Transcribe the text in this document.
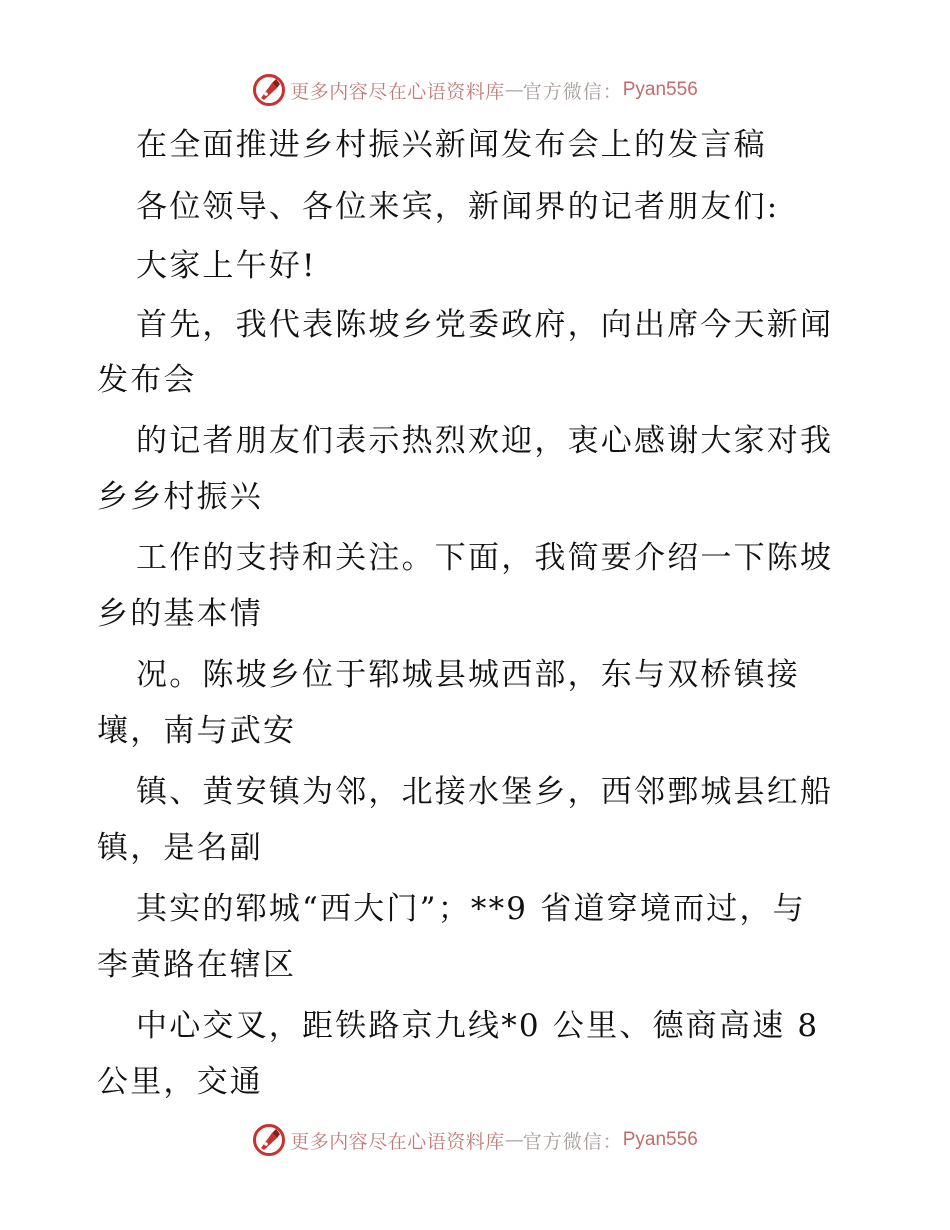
更多内容尽在心语资料库 — 官方微信： Pyan556
在全面推进乡村振兴新闻发布会上的发言稿
各位领导、各位来宾，新闻界的记者朋友们:
大家上午好!
首先，我代表陈坡乡党委政府，向出席今天新闻
发布会
的记者朋友们表示热烈欢迎，衷心感谢大家对我
乡乡村振兴
工作的支持和关注。下面，我简要介绍一下陈坡
乡的基本情
况。陈坡乡位于郓城县城西部，东与双桥镇接
壤，南与武安
镇、黄安镇为邻，北接水堡乡，西邻鄄城县红船
镇，是名副
其实的郓城“西大门”；**9 省道穿境而过，与
李黄路在辖区
中心交叉，距铁路京九线*0 公里、德商高速 8
公里，交通
更多内容尽在心语资料库 — 官方微信： Pyan556
